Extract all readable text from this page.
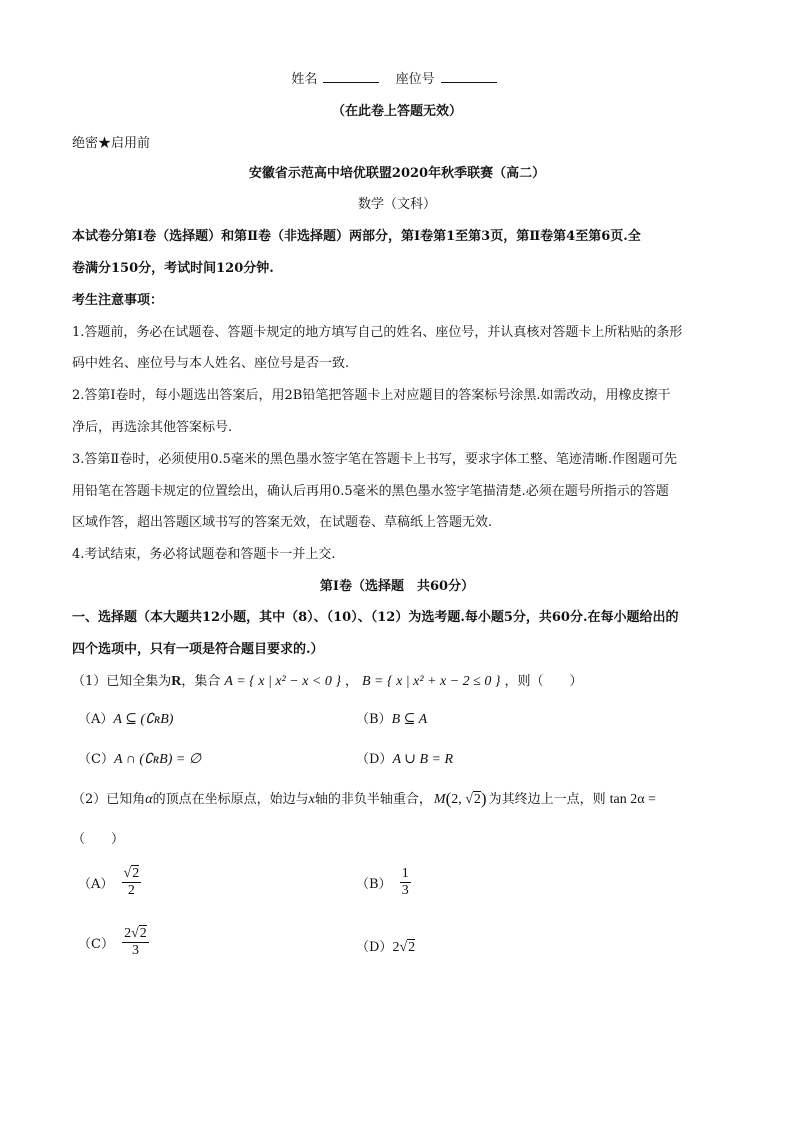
姓名	座位号
（在此卷上答题无效）
绝密★启用前
安徽省示范高中培优联盟2020年秋季联赛（高二）
数学（文科）
本试卷分第Ⅰ卷（选择题）和第Ⅱ卷（非选择题）两部分，第Ⅰ卷第1至第3页，第Ⅱ卷第4至第6页.全
卷满分150分，考试时间120分钟.
考生注意事项：
1.答题前，务必在试题卷、答题卡规定的地方填写自己的姓名、座位号，并认真核对答题卡上所粘贴的条形
码中姓名、座位号与本人姓名、座位号是否一致.
2.答第Ⅰ卷时，每小题选出答案后，用2B铅笔把答题卡上对应题目的答案标号涂黑.如需改动，用橡皮擦干
净后，再选涂其他答案标号.
3.答第Ⅱ卷时，必须使用0.5毫米的黑色墨水签字笔在答题卡上书写，要求字体工整、笔迹清晰.作图题可先
用铅笔在答题卡规定的位置绘出，确认后再用0.5毫米的黑色墨水签字笔描清楚.必须在题号所指示的答题
区域作答，超出答题区域书写的答案无效，在试题卷、草稿纸上答题无效.
4.考试结束，务必将试题卷和答题卡一并上交.
第Ⅰ卷（选择题　共60分）
一、选择题（本大题共12小题，其中（8）、（10）、（12）为选考题.每小题5分，共60分.在每小题给出的
四个选项中，只有一项是符合题目要求的.）
（1）已知全集为R，集合 A = { x | x² − x < 0 } ， B = { x | x² + x − 2 ≤ 0 } ，则（　　）
（A）A ⊆ (∁ʀB)	（B）B ⊆ A
（C）A ∩ (∁ʀB) = ∅	（D）A ∪ B = R
（2）已知角α的顶点在坐标原点，始边与x轴的非负半轴重合， M(2, √2) 为其终边上一点，则 tan 2α =
（　　）
$(A) \frac{√2}{2}$	$(B) \frac{1}{3}$
$(C) \frac{2√2}{3}$	（D）2√2
